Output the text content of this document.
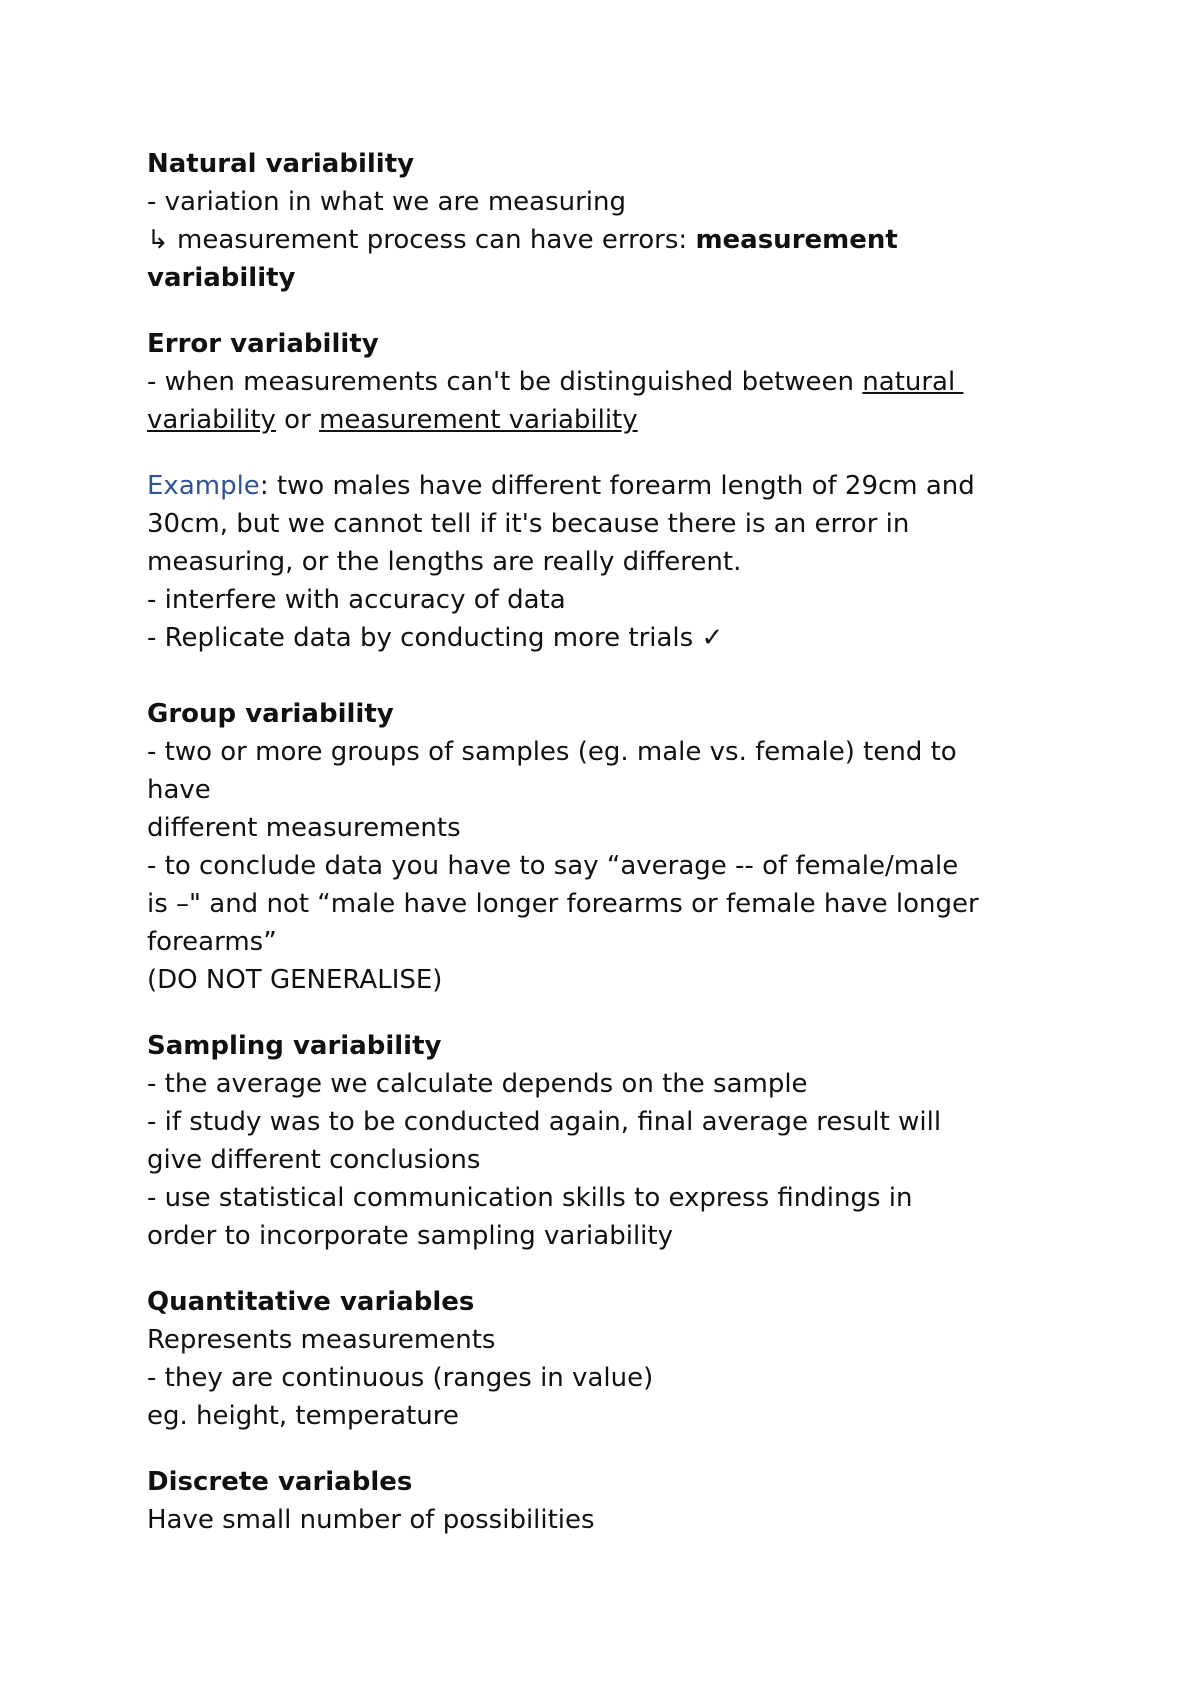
Natural variability
- variation in what we are measuring
↳ measurement process can have errors: measurement
variability
Error variability
- when measurements can't be distinguished between natural
variability or measurement variability
Example: two males have different forearm length of 29cm and
30cm, but we cannot tell if it's because there is an error in
measuring, or the lengths are really different.
- interfere with accuracy of data
- Replicate data by conducting more trials ✓
Group variability
- two or more groups of samples (eg. male vs. female) tend to
have
different measurements
- to conclude data you have to say “average -- of female/male
is –" and not “male have longer forearms or female have longer
forearms”
(DO NOT GENERALISE)
Sampling variability
- the average we calculate depends on the sample
- if study was to be conducted again, final average result will
give different conclusions
- use statistical communication skills to express findings in
order to incorporate sampling variability
Quantitative variables
Represents measurements
- they are continuous (ranges in value)
eg. height, temperature
Discrete variables
Have small number of possibilities
